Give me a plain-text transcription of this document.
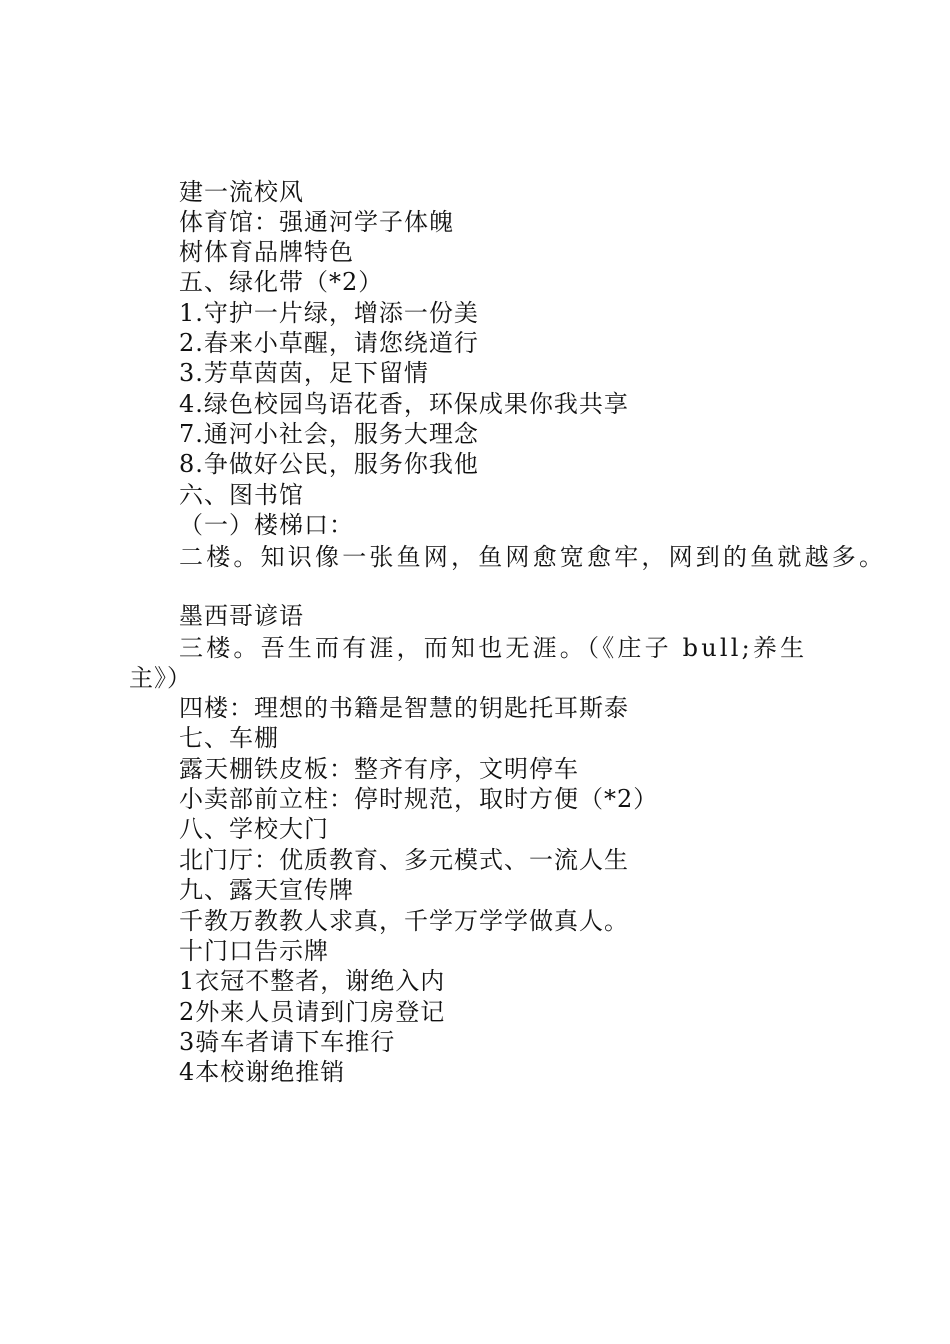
建一流校风
体育馆：强通河学子体魄
树体育品牌特色
五、绿化带（*2）
1.守护一片绿，增添一份美
2.春来小草醒，请您绕道行
3.芳草茵茵，足下留情
4.绿色校园鸟语花香，环保成果你我共享
7.通河小社会，服务大理念
8.争做好公民，服务你我他
六、图书馆
（一）楼梯口：
二楼。知识像一张鱼网，鱼网愈宽愈牢，网到的鱼就越多。
墨西哥谚语
三楼。吾生而有涯，而知也无涯。（《庄子 bull;养生
主》）
四楼：理想的书籍是智慧的钥匙托耳斯泰
七、车棚
露天棚铁皮板：整齐有序，文明停车
小卖部前立柱：停时规范，取时方便（*2）
八、学校大门
北门厅：优质教育、多元模式、一流人生
九、露天宣传牌
千教万教教人求真，千学万学学做真人。
十门口告示牌
1衣冠不整者，谢绝入内
2外来人员请到门房登记
3骑车者请下车推行
4本校谢绝推销
